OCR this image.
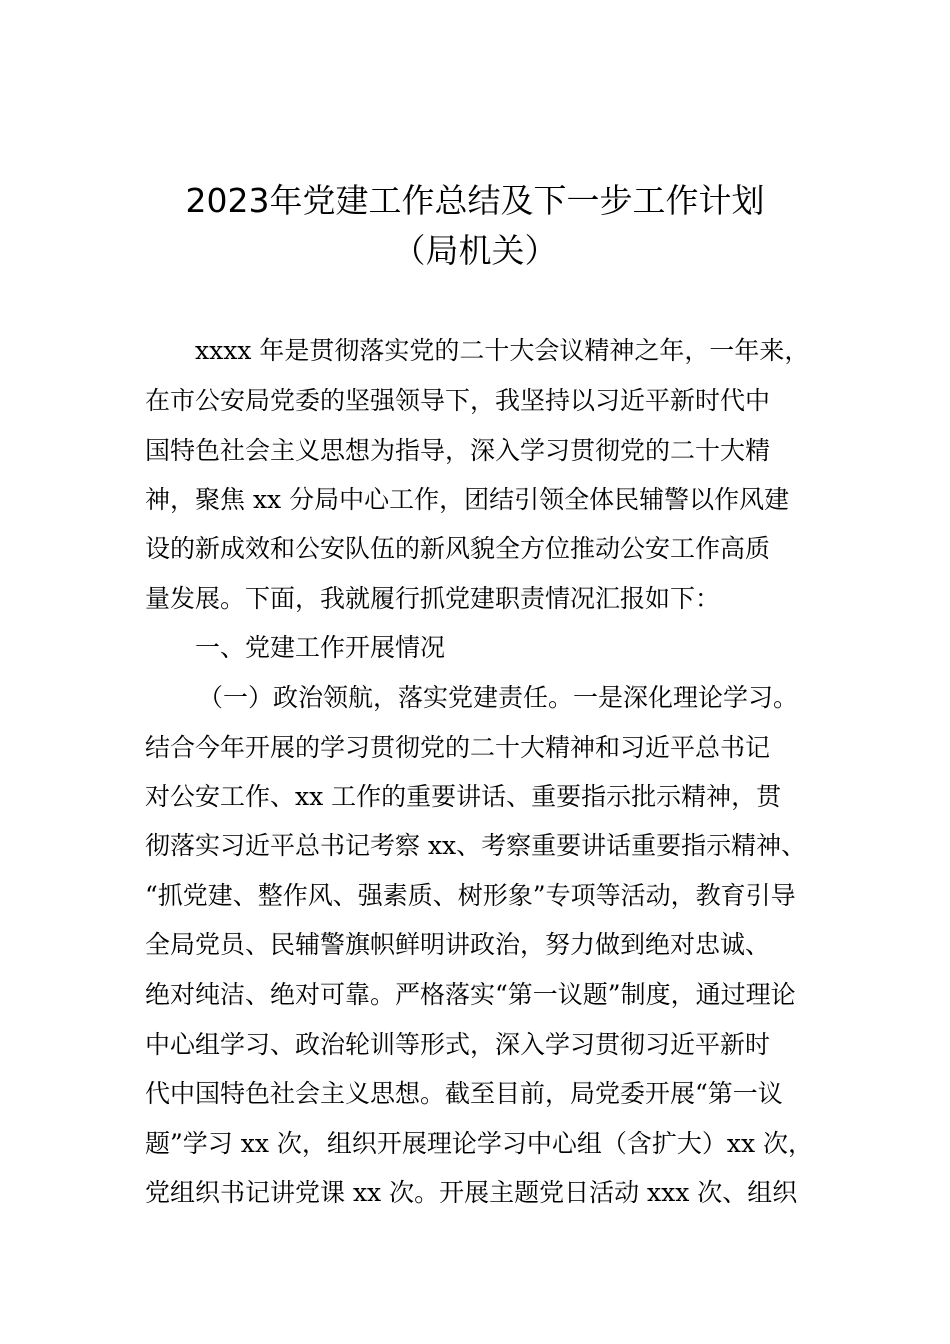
2023年党建工作总结及下一步工作计划
（局机关）
xxxx 年是贯彻落实党的二十大会议精神之年，一年来，
在市公安局党委的坚强领导下，我坚持以习近平新时代中
国特色社会主义思想为指导，深入学习贯彻党的二十大精
神，聚焦 xx 分局中心工作，团结引领全体民辅警以作风建
设的新成效和公安队伍的新风貌全方位推动公安工作高质
量发展。下面，我就履行抓党建职责情况汇报如下：
一、党建工作开展情况
（一）政治领航，落实党建责任。一是深化理论学习。
结合今年开展的学习贯彻党的二十大精神和习近平总书记
对公安工作、xx 工作的重要讲话、重要指示批示精神，贯
彻落实习近平总书记考察 xx、考察重要讲话重要指示精神、
“抓党建、整作风、强素质、树形象”专项等活动，教育引导
全局党员、民辅警旗帜鲜明讲政治，努力做到绝对忠诚、
绝对纯洁、绝对可靠。严格落实“第一议题”制度，通过理论
中心组学习、政治轮训等形式，深入学习贯彻习近平新时
代中国特色社会主义思想。截至目前，局党委开展“第一议
题”学习 xx 次，组织开展理论学习中心组（含扩大）xx 次，
党组织书记讲党课 xx 次。开展主题党日活动 xxx 次、组织
